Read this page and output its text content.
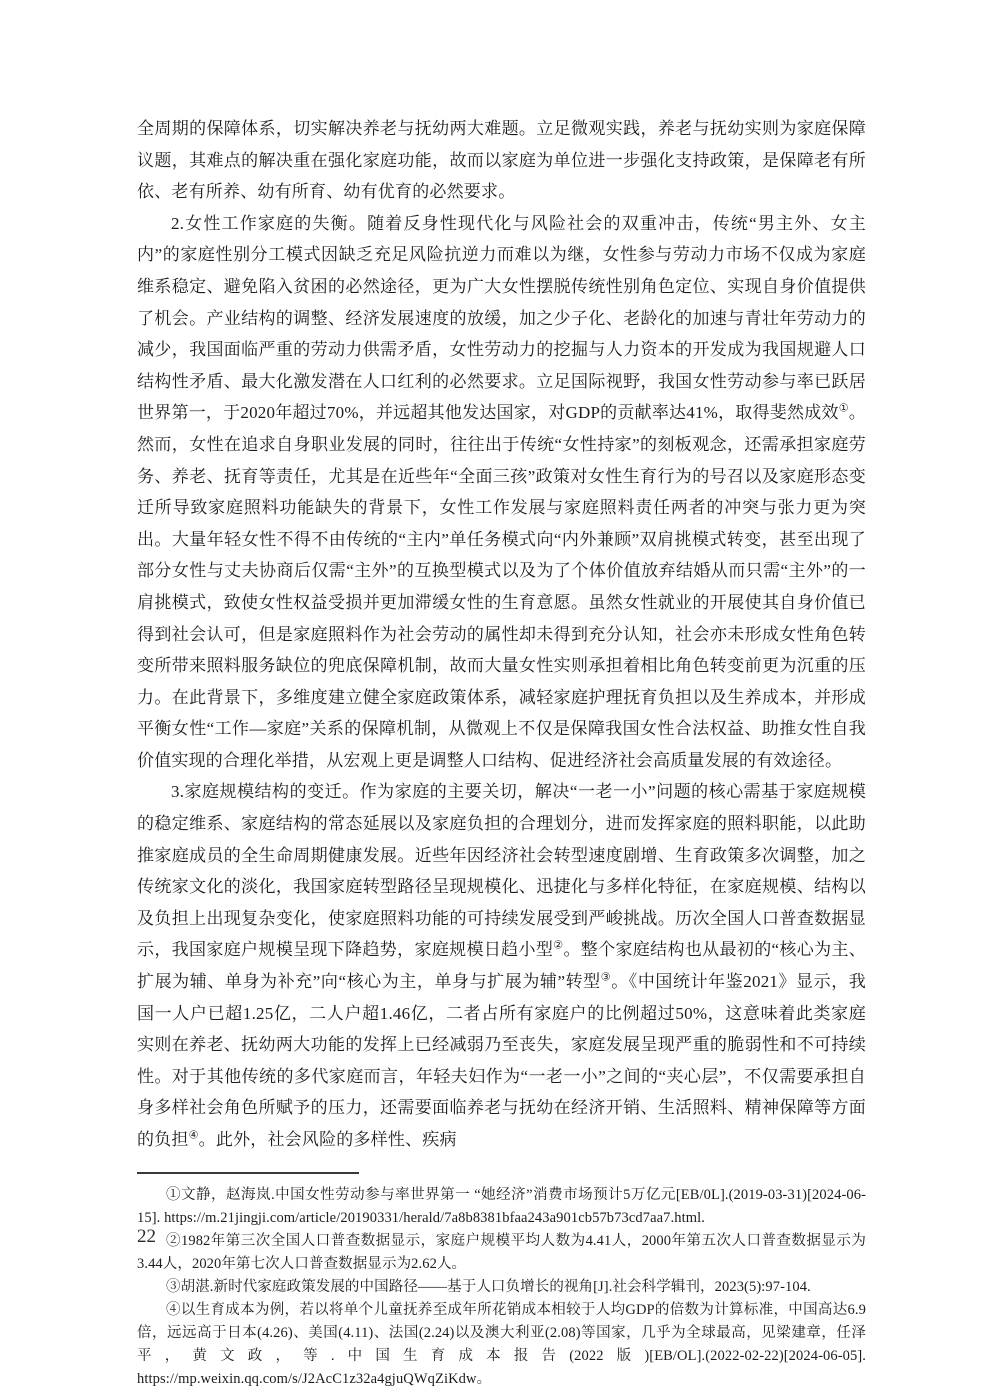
全周期的保障体系，切实解决养老与抚幼两大难题。立足微观实践，养老与抚幼实则为家庭保障议题，其难点的解决重在强化家庭功能，故而以家庭为单位进一步强化支持政策，是保障老有所依、老有所养、幼有所育、幼有优育的必然要求。

2.女性工作家庭的失衡。随着反身性现代化与风险社会的双重冲击，传统“男主外、女主内”的家庭性别分工模式因缺乏充足风险抗逆力而难以为继，女性参与劳动力市场不仅成为家庭维系稳定、避免陷入贫困的必然途径，更为广大女性摆脱传统性别角色定位、实现自身价值提供了机会。产业结构的调整、经济发展速度的放缓，加之少子化、老龄化的加速与青壮年劳动力的减少，我国面临严重的劳动力供需矛盾，女性劳动力的挖掘与人力资本的开发成为我国规避人口结构性矛盾、最大化激发潜在人口红利的必然要求。立足国际视野，我国女性劳动参与率已跃居世界第一，于2020年超过70%，并远超其他发达国家，对GDP的贡献率达41%，取得斐然成效①。然而，女性在追求自身职业发展的同时，往往出于传统“女性持家”的刻板观念，还需承担家庭劳务、养老、抚育等责任，尤其是在近些年“全面三孩”政策对女性生育行为的号召以及家庭形态变迁所导致家庭照料功能缺失的背景下，女性工作发展与家庭照料责任两者的冲突与张力更为突出。大量年轻女性不得不由传统的“主内”单任务模式向“内外兼顾”双肩挑模式转变，甚至出现了部分女性与丈夫协商后仅需“主外”的互换型模式以及为了个体价值放弃结婚从而只需“主外”的一肩挑模式，致使女性权益受损并更加滞缓女性的生育意愿。虽然女性就业的开展使其自身价值已得到社会认可，但是家庭照料作为社会劳动的属性却未得到充分认知，社会亦未形成女性角色转变所带来照料服务缺位的兜底保障机制，故而大量女性实则承担着相比角色转变前更为沉重的压力。在此背景下，多维度建立健全家庭政策体系，减轻家庭护理抚育负担以及生养成本，并形成平衡女性“工作—家庭”关系的保障机制，从微观上不仅是保障我国女性合法权益、助推女性自我价值实现的合理化举措，从宏观上更是调整人口结构、促进经济社会高质量发展的有效途径。

3.家庭规模结构的变迁。作为家庭的主要关切，解决“一老一小”问题的核心需基于家庭规模的稳定维系、家庭结构的常态延展以及家庭负担的合理划分，进而发挥家庭的照料职能，以此助推家庭成员的全生命周期健康发展。近些年因经济社会转型速度剧增、生育政策多次调整，加之传统家文化的淡化，我国家庭转型路径呈现规模化、迅捷化与多样化特征，在家庭规模、结构以及负担上出现复杂变化，使家庭照料功能的可持续发展受到严峻挑战。历次全国人口普查数据显示，我国家庭户规模呈现下降趋势，家庭规模日趋小型②。整个家庭结构也从最初的“核心为主、扩展为辅、单身为补充”向“核心为主，单身与扩展为辅”转型③。《中国统计年鉴2021》显示，我国一人户已超1.25亿，二人户超1.46亿，二者占所有家庭户的比例超过50%，这意味着此类家庭实则在养老、抚幼两大功能的发挥上已经减弱乃至丧失，家庭发展呈现严重的脆弱性和不可持续性。对于其他传统的多代家庭而言，年轻夫妇作为“一老一小”之间的“夹心层”，不仅需要承担自身多样社会角色所赋予的压力，还需要面临养老与抚幼在经济开销、生活照料、精神保障等方面的负担④。此外，社会风险的多样性、疾病

①文静，赵海岚.中国女性劳动参与率世界第一 “她经济”消费市场预计5万亿元[EB/0L].(2019-03-31)[2024-06-15]. https://m.21jingji.com/article/20190331/herald/7a8b8381bfaa243a901cb57b73cd7aa7.html.

②1982年第三次全国人口普查数据显示，家庭户规模平均人数为4.41人，2000年第五次人口普查数据显示为3.44人，2020年第七次人口普查数据显示为2.62人。

③胡湛.新时代家庭政策发展的中国路径——基于人口负增长的视角[J].社会科学辑刊，2023(5):97-104.

④以生育成本为例，若以将单个儿童抚养至成年所花销成本相较于人均GDP的倍数为计算标准，中国高达6.9倍，远远高于日本(4.26)、美国(4.11)、法国(2.24)以及澳大利亚(2.08)等国家，几乎为全球最高，见梁建章，任泽平，黄文政，等.中国生育成本报告(2022版)[EB/OL].(2022-02-22)[2024-06-05]. https://mp.weixin.qq.com/s/J2AcC1z32a4gjuQWqZiKdw。

22
